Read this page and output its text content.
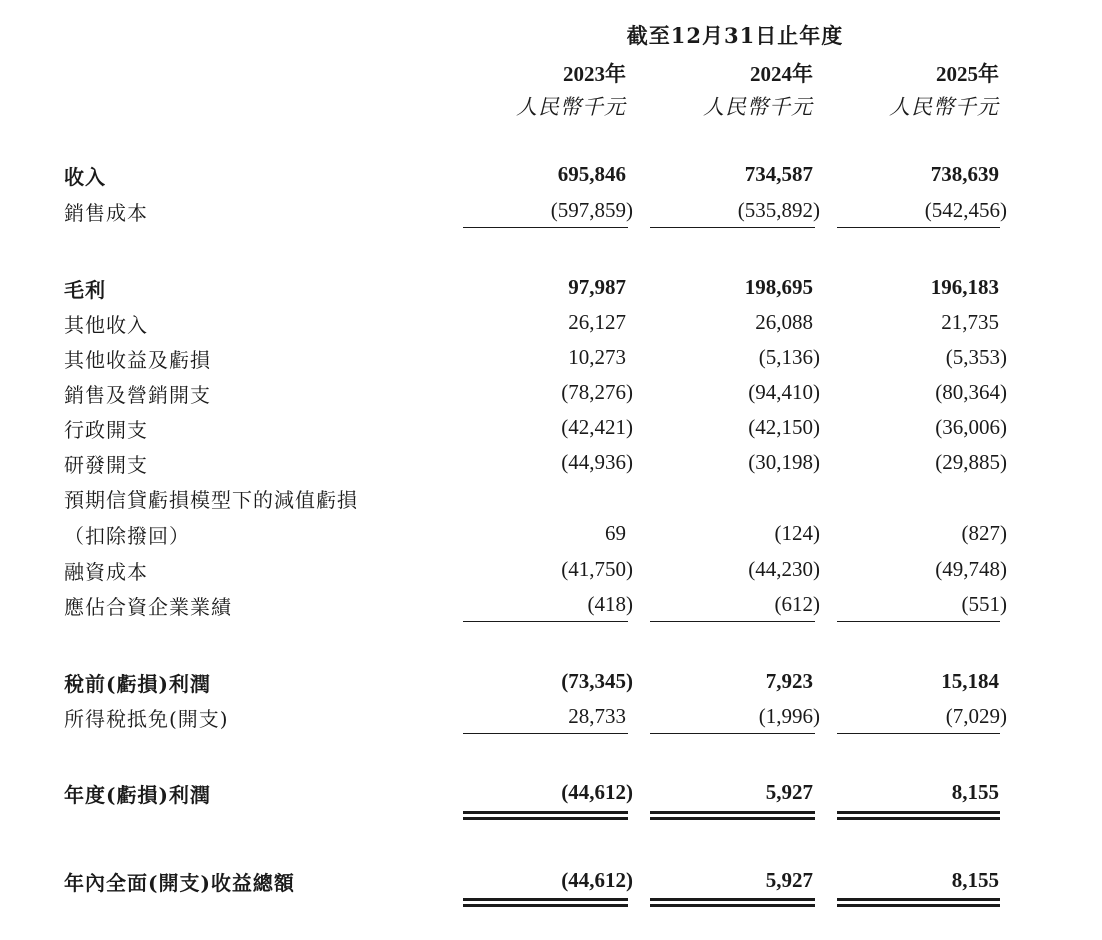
截至12月31日止年度
2023年	2024年	2025年
人民幣千元	人民幣千元	人民幣千元
收入	695,846	734,587	738,639
銷售成本	(597,859)	(535,892)	(542,456)
毛利	97,987	198,695	196,183
其他收入	26,127	26,088	21,735
其他收益及虧損	10,273	(5,136)	(5,353)
銷售及營銷開支	(78,276)	(94,410)	(80,364)
行政開支	(42,421)	(42,150)	(36,006)
研發開支	(44,936)	(30,198)	(29,885)
預期信貸虧損模型下的減值虧損
（扣除撥回）	69	(124)	(827)
融資成本	(41,750)	(44,230)	(49,748)
應佔合資企業業績	(418)	(612)	(551)
稅前(虧損)利潤	(73,345)	7,923	15,184
所得稅抵免(開支)	28,733	(1,996)	(7,029)
年度(虧損)利潤	(44,612)	5,927	8,155
年內全面(開支)收益總額	(44,612)	5,927	8,155
